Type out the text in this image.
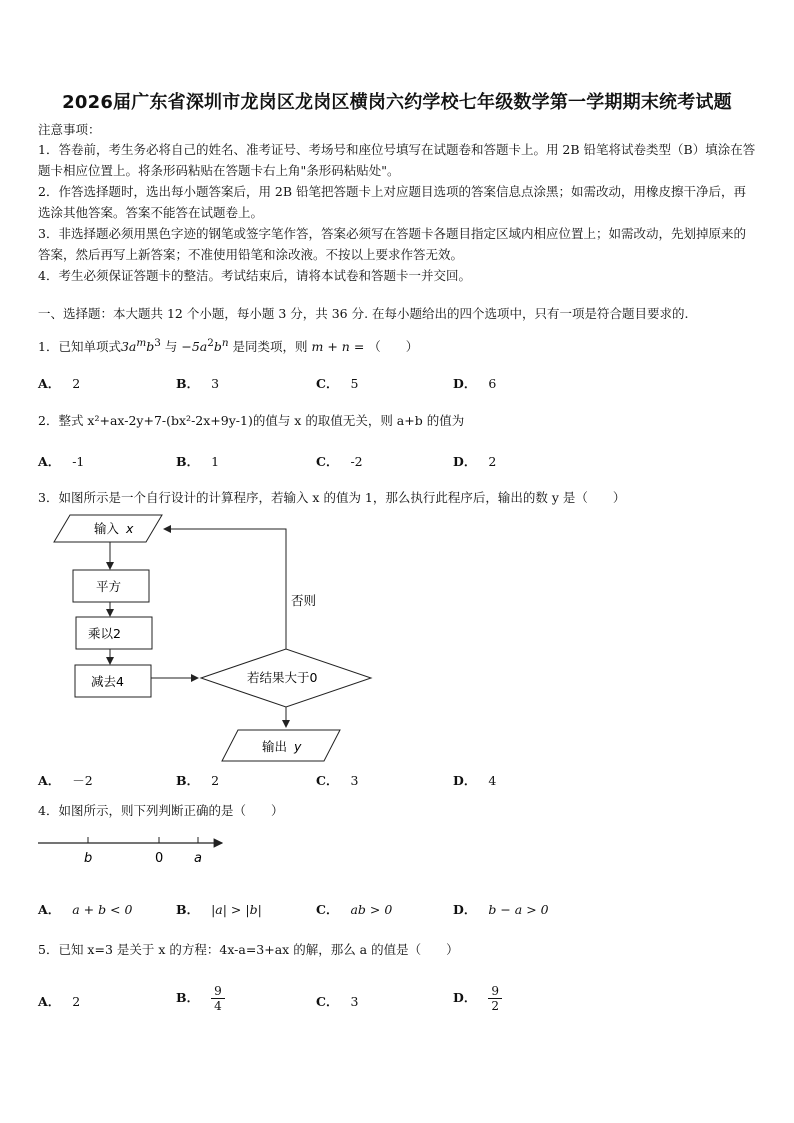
2026届广东省深圳市龙岗区龙岗区横岗六约学校七年级数学第一学期期末统考试题
注意事项：
1．答卷前，考生务必将自己的姓名、准考证号、考场号和座位号填写在试题卷和答题卡上。用 2B 铅笔将试卷类型（B）填涂在答题卡相应位置上。将条形码粘贴在答题卡右上角"条形码粘贴处"。
2．作答选择题时，选出每小题答案后，用 2B 铅笔把答题卡上对应题目选项的答案信息点涂黑；如需改动，用橡皮擦干净后，再选涂其他答案。答案不能答在试题卷上。
3．非选择题必须用黑色字迹的钢笔或签字笔作答，答案必须写在答题卡各题目指定区域内相应位置上；如需改动，先划掉原来的答案，然后再写上新答案；不准使用铅笔和涂改液。不按以上要求作答无效。
4．考生必须保证答题卡的整洁。考试结束后，请将本试卷和答题卡一并交回。
一、选择题：本大题共 12 个小题，每小题 3 分，共 36 分. 在每小题给出的四个选项中，只有一项是符合题目要求的.
1．已知单项式$3a^mb^3$ 与 $-5a^2b^n$ 是同类项，则 m + n = （　　）
A． 2	B． 3	C． 5	D． 6
2．整式 x²+ax-2y+7-(bx²-2x+9y-1)的值与 x 的取值无关，则 a+b 的值为
A． -1	B． 1	C． -2	D． 2
3．如图所示是一个自行设计的计算程序，若输入 x 的值为 1，那么执行此程序后，输出的数 y 是（　　）
输入 x
平方
乘以2
减去4	若结果大于0
否则
输出 y
A． －2	B． 2	C． 3	D． 4
4．如图所示，则下列判断正确的是（　　）
b	0 a
A． a + b < 0	B． |a| > |b|	C． ab > 0	D． b − a > 0
5．已知 x=3 是关于 x 的方程：4x-a=3+ax 的解，那么 a 的值是（　　）
A． 2	B． $\frac{9}{4}$	C． 3	D． $\frac{9}{2}$
